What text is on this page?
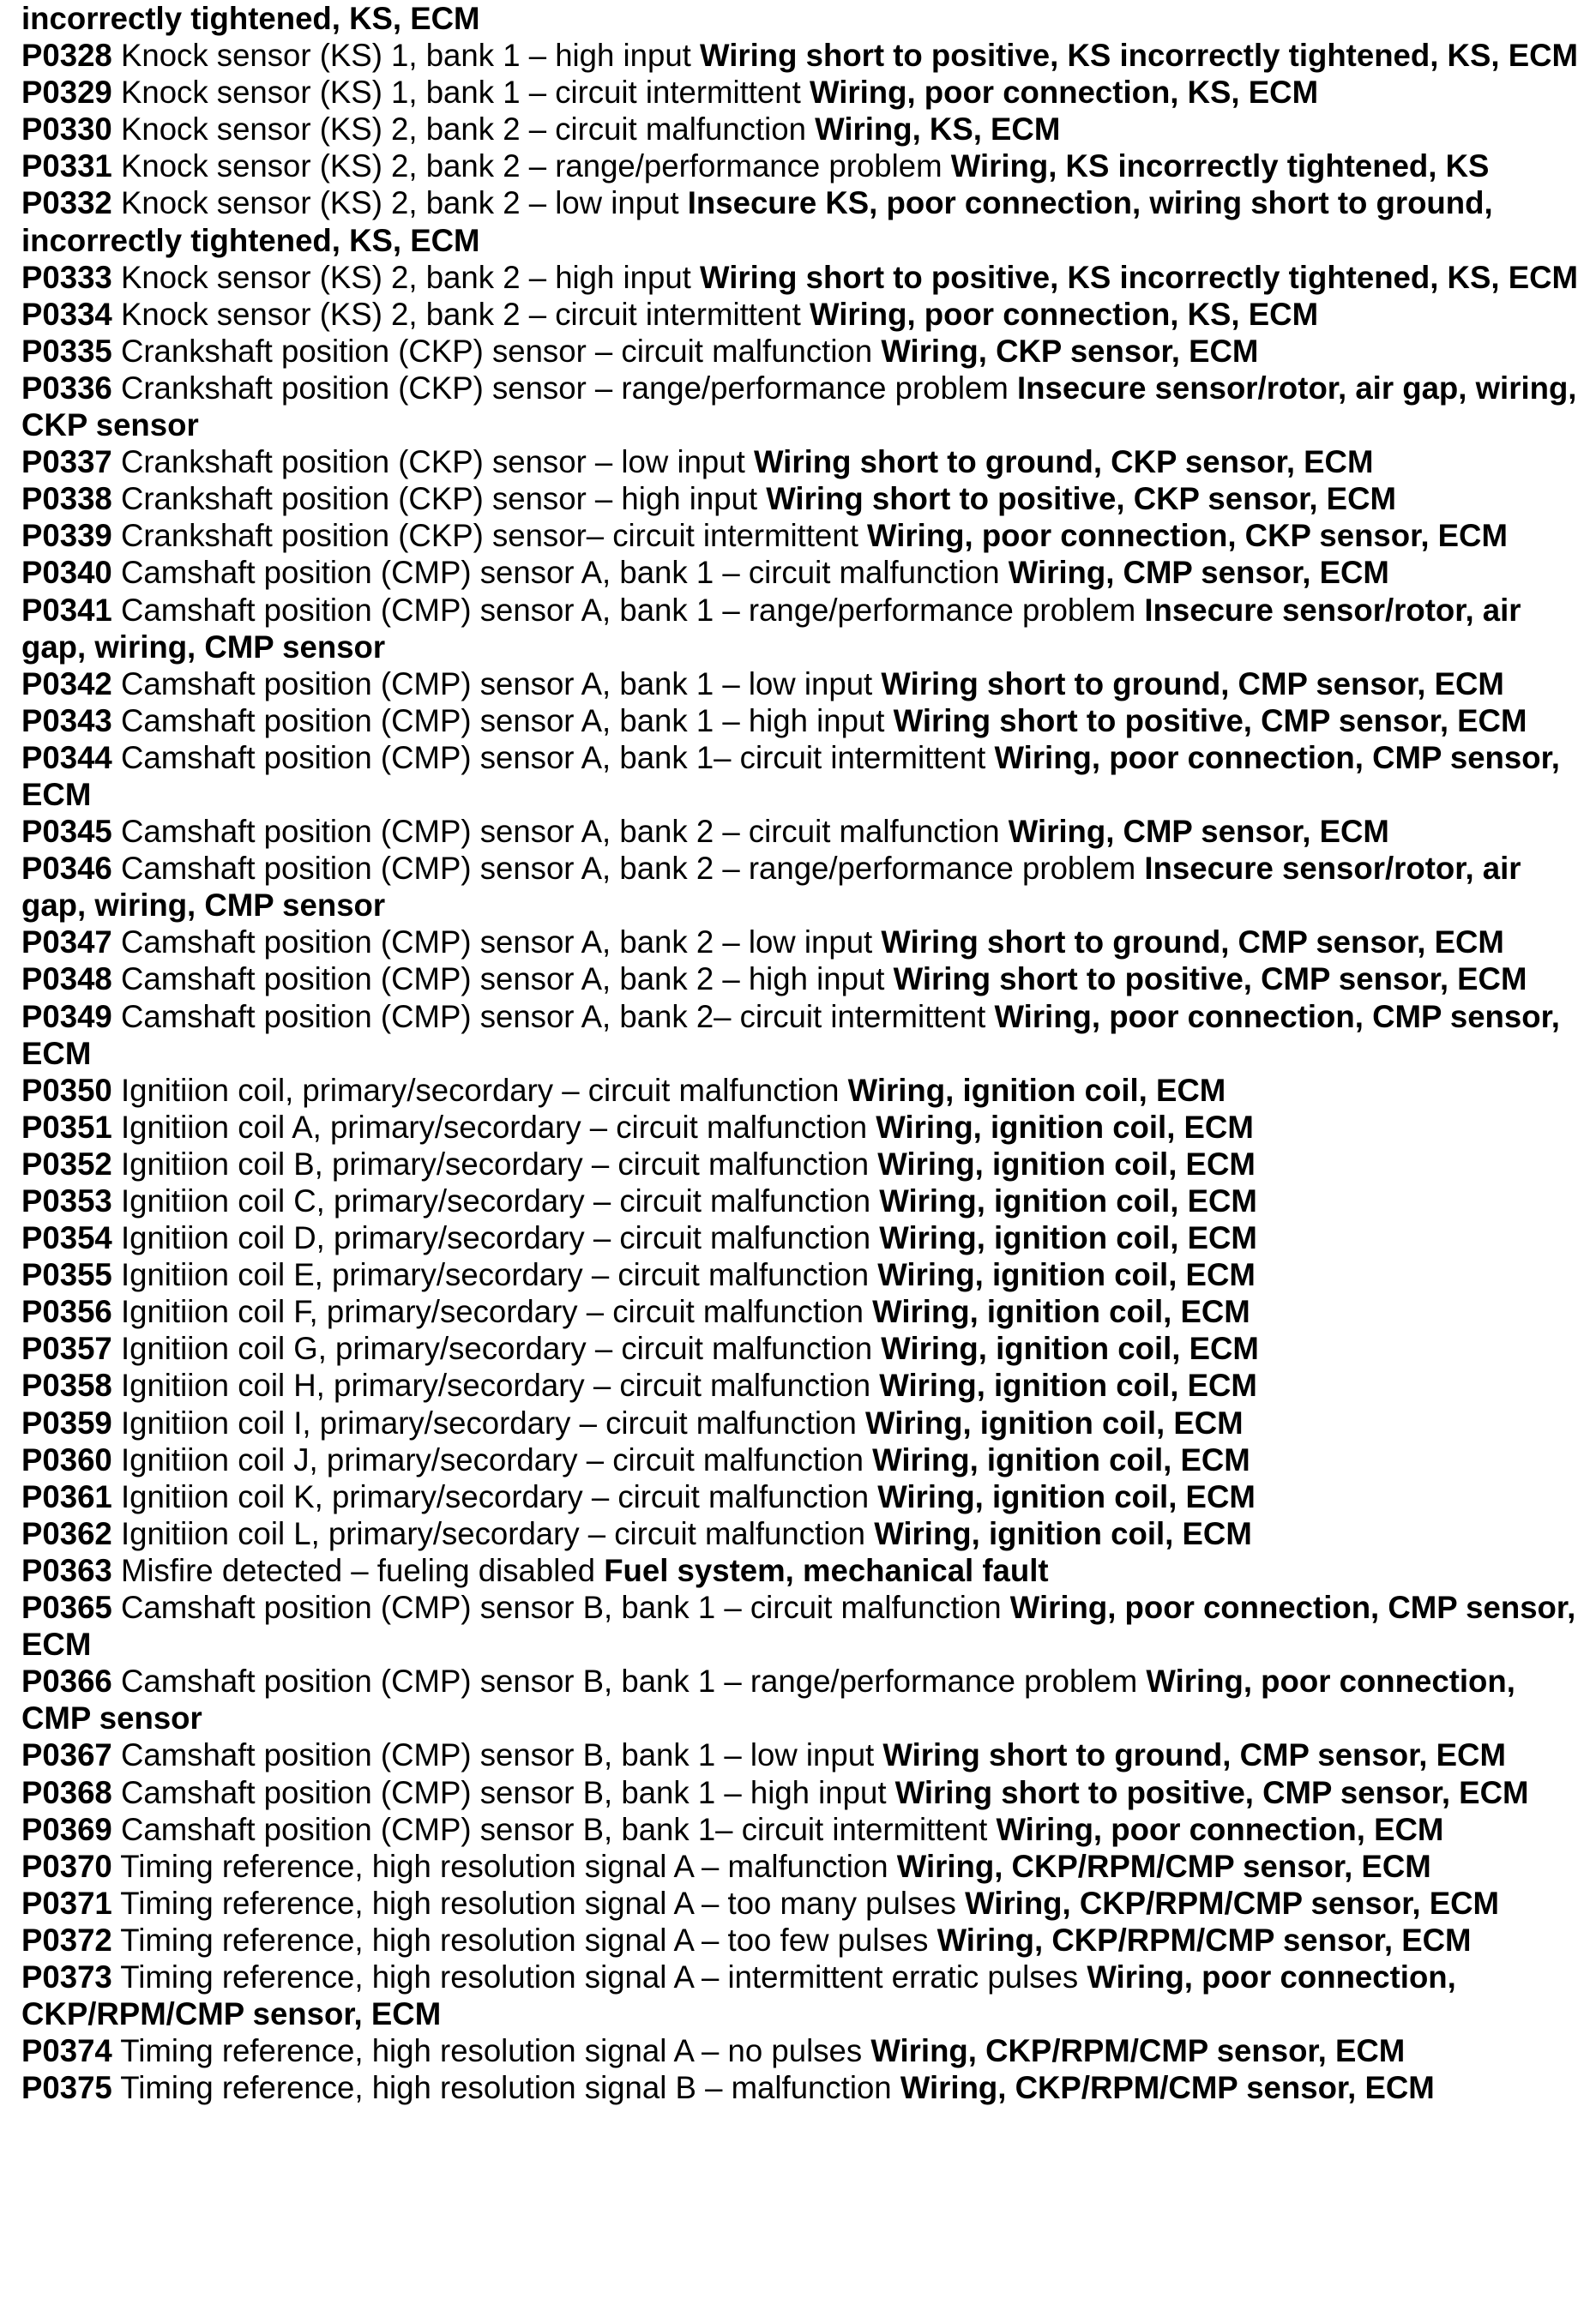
incorrectly tightened, KS, ECM
P0328 Knock sensor (KS) 1, bank 1 – high input Wiring short to positive, KS incorrectly tightened, KS, ECM
P0329 Knock sensor (KS) 1, bank 1 – circuit intermittent Wiring, poor connection, KS, ECM
P0330 Knock sensor (KS) 2, bank 2 – circuit malfunction Wiring, KS, ECM
P0331 Knock sensor (KS) 2, bank 2 – range/performance problem Wiring, KS incorrectly tightened, KS
P0332 Knock sensor (KS) 2, bank 2 – low input Insecure KS, poor connection, wiring short to ground, incorrectly tightened, KS, ECM
P0333 Knock sensor (KS) 2, bank 2 – high input Wiring short to positive, KS incorrectly tightened, KS, ECM
P0334 Knock sensor (KS) 2, bank 2 – circuit intermittent Wiring, poor connection, KS, ECM
P0335 Crankshaft position (CKP) sensor – circuit malfunction Wiring, CKP sensor, ECM
P0336 Crankshaft position (CKP) sensor – range/performance problem Insecure sensor/rotor, air gap, wiring, CKP sensor
P0337 Crankshaft position (CKP) sensor – low input Wiring short to ground, CKP sensor, ECM
P0338 Crankshaft position (CKP) sensor – high input Wiring short to positive, CKP sensor, ECM
P0339 Crankshaft position (CKP) sensor– circuit intermittent Wiring, poor connection, CKP sensor, ECM
P0340 Camshaft position (CMP) sensor A, bank 1 – circuit malfunction Wiring, CMP sensor, ECM
P0341 Camshaft position (CMP) sensor A, bank 1 – range/performance problem Insecure sensor/rotor, air gap, wiring, CMP sensor
P0342 Camshaft position (CMP) sensor A, bank 1 – low input Wiring short to ground, CMP sensor, ECM
P0343 Camshaft position (CMP) sensor A, bank 1 – high input Wiring short to positive, CMP sensor, ECM
P0344 Camshaft position (CMP) sensor A, bank 1– circuit intermittent Wiring, poor connection, CMP sensor, ECM
P0345 Camshaft position (CMP) sensor A, bank 2 – circuit malfunction Wiring, CMP sensor, ECM
P0346 Camshaft position (CMP) sensor A, bank 2 – range/performance problem Insecure sensor/rotor, air gap, wiring, CMP sensor
P0347 Camshaft position (CMP) sensor A, bank 2 – low input Wiring short to ground, CMP sensor, ECM
P0348 Camshaft position (CMP) sensor A, bank 2 – high input Wiring short to positive, CMP sensor, ECM
P0349 Camshaft position (CMP) sensor A, bank 2– circuit intermittent Wiring, poor connection, CMP sensor, ECM
P0350 Ignitiion coil, primary/secordary – circuit malfunction Wiring, ignition coil, ECM
P0351 Ignitiion coil A, primary/secordary – circuit malfunction Wiring, ignition coil, ECM
P0352 Ignitiion coil B, primary/secordary – circuit malfunction Wiring, ignition coil, ECM
P0353 Ignitiion coil C, primary/secordary – circuit malfunction Wiring, ignition coil, ECM
P0354 Ignitiion coil D, primary/secordary – circuit malfunction Wiring, ignition coil, ECM
P0355 Ignitiion coil E, primary/secordary – circuit malfunction Wiring, ignition coil, ECM
P0356 Ignitiion coil F, primary/secordary – circuit malfunction Wiring, ignition coil, ECM
P0357 Ignitiion coil G, primary/secordary – circuit malfunction Wiring, ignition coil, ECM
P0358 Ignitiion coil H, primary/secordary – circuit malfunction Wiring, ignition coil, ECM
P0359 Ignitiion coil I, primary/secordary – circuit malfunction Wiring, ignition coil, ECM
P0360 Ignitiion coil J, primary/secordary – circuit malfunction Wiring, ignition coil, ECM
P0361 Ignitiion coil K, primary/secordary – circuit malfunction Wiring, ignition coil, ECM
P0362 Ignitiion coil L, primary/secordary – circuit malfunction Wiring, ignition coil, ECM
P0363 Misfire detected – fueling disabled Fuel system, mechanical fault
P0365 Camshaft position (CMP) sensor B, bank 1 – circuit malfunction Wiring, poor connection, CMP sensor, ECM
P0366 Camshaft position (CMP) sensor B, bank 1 – range/performance problem Wiring, poor connection, CMP sensor
P0367 Camshaft position (CMP) sensor B, bank 1 – low input Wiring short to ground, CMP sensor, ECM
P0368 Camshaft position (CMP) sensor B, bank 1 – high input Wiring short to positive, CMP sensor, ECM
P0369 Camshaft position (CMP) sensor B, bank 1– circuit intermittent Wiring, poor connection, ECM
P0370 Timing reference, high resolution signal A – malfunction Wiring, CKP/RPM/CMP sensor, ECM
P0371 Timing reference, high resolution signal A – too many pulses Wiring, CKP/RPM/CMP sensor, ECM
P0372 Timing reference, high resolution signal A – too few pulses Wiring, CKP/RPM/CMP sensor, ECM
P0373 Timing reference, high resolution signal A – intermittent erratic pulses Wiring, poor connection, CKP/RPM/CMP sensor, ECM
P0374 Timing reference, high resolution signal A – no pulses Wiring, CKP/RPM/CMP sensor, ECM
P0375 Timing reference, high resolution signal B – malfunction Wiring, CKP/RPM/CMP sensor, ECM
